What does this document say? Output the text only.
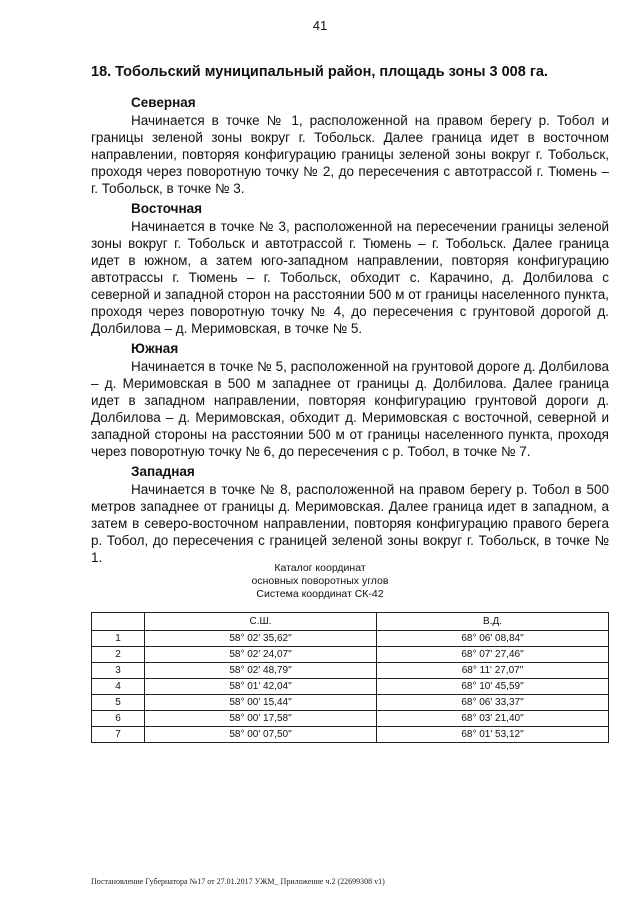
41

18. Тобольский муниципальный район, площадь зоны 3 008 га.

Северная

Начинается в точке № 1, расположенной на правом берегу р. Тобол и границы зеленой зоны вокруг г. Тобольск. Далее граница идет в восточном направлении, повторяя конфигурацию границы зеленой зоны вокруг г. Тобольск, проходя через поворотную точку № 2, до пересечения с автотрассой г. Тюмень – г. Тобольск, в точке № 3.

Восточная

Начинается в точке № 3, расположенной на пересечении границы зеленой зоны вокруг г. Тобольск и автотрассой г. Тюмень – г. Тобольск. Далее граница идет в южном, а затем юго-западном направлении, повторяя конфигурацию автотрассы г. Тюмень – г. Тобольск, обходит с. Карачино, д. Долбилова с северной и западной сторон на расстоянии 500 м от границы населенного пункта, проходя через поворотную точку № 4, до пересечения с грунтовой дорогой д. Долбилова – д. Меримовская, в точке № 5.

Южная

Начинается в точке № 5, расположенной на грунтовой дороге д. Долбилова – д. Меримовская в 500 м западнее от границы д. Долбилова. Далее граница идет в западном направлении, повторяя конфигурацию грунтовой дороги д. Долбилова – д. Меримовская, обходит д. Меримовская с восточной, северной и западной стороны на расстоянии 500 м от границы населенного пункта, проходя через поворотную точку № 6, до пересечения с р. Тобол, в точке № 7.

Западная

Начинается в точке № 8, расположенной на правом берегу р. Тобол в 500 метров западнее от границы д. Меримовская. Далее граница идет в западном, а затем в северо-восточном направлении, повторяя конфигурацию правого берега р. Тобол, до пересечения с границей зеленой зоны вокруг г. Тобольск, в точке № 1.

Каталог координат
основных поворотных углов
Система координат СК-42
	С.Ш.	В.Д.
1	58° 02' 35,62"	68° 06' 08,84"
2	58° 02' 24,07"	68° 07' 27,46"
3	58° 02' 48,79"	68° 11' 27,07"
4	58° 01' 42,04"	68° 10' 45,59"
5	58° 00' 15,44"	68° 06' 33,37"
6	58° 00' 17,58"	68° 03' 21,40"
7	58° 00' 07,50"	68° 01' 53,12"
Постановление Губернатора №17 от 27.01.2017 УЖМ_ Приложение ч.2 (22699308 v1)
